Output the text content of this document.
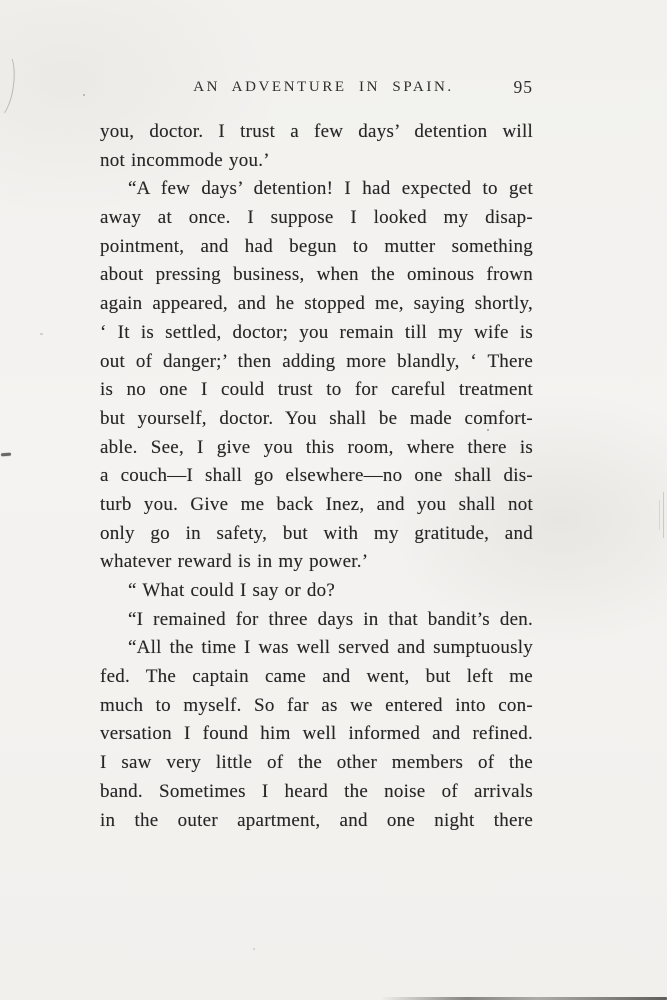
AN ADVENTURE IN SPAIN.	95
you, doctor. I trust a few days’ detention will
not incommode you.’
“A few days’ detention! I had expected to get
away at once. I suppose I looked my disap-
pointment, and had begun to mutter something
about pressing business, when the ominous frown
again appeared, and he stopped me, saying shortly,
‘ It is settled, doctor; you remain till my wife is
out of danger;’ then adding more blandly, ‘ There
is no one I could trust to for careful treatment
but yourself, doctor. You shall be made comfort-
able. See, I give you this room, where there is
a couch—I shall go elsewhere—no one shall dis-
turb you. Give me back Inez, and you shall not
only go in safety, but with my gratitude, and
whatever reward is in my power.’
“ What could I say or do?
“I remained for three days in that bandit’s den.
“All the time I was well served and sumptuously
fed. The captain came and went, but left me
much to myself. So far as we entered into con-
versation I found him well informed and refined.
I saw very little of the other members of the
band. Sometimes I heard the noise of arrivals
in the outer apartment, and one night there
